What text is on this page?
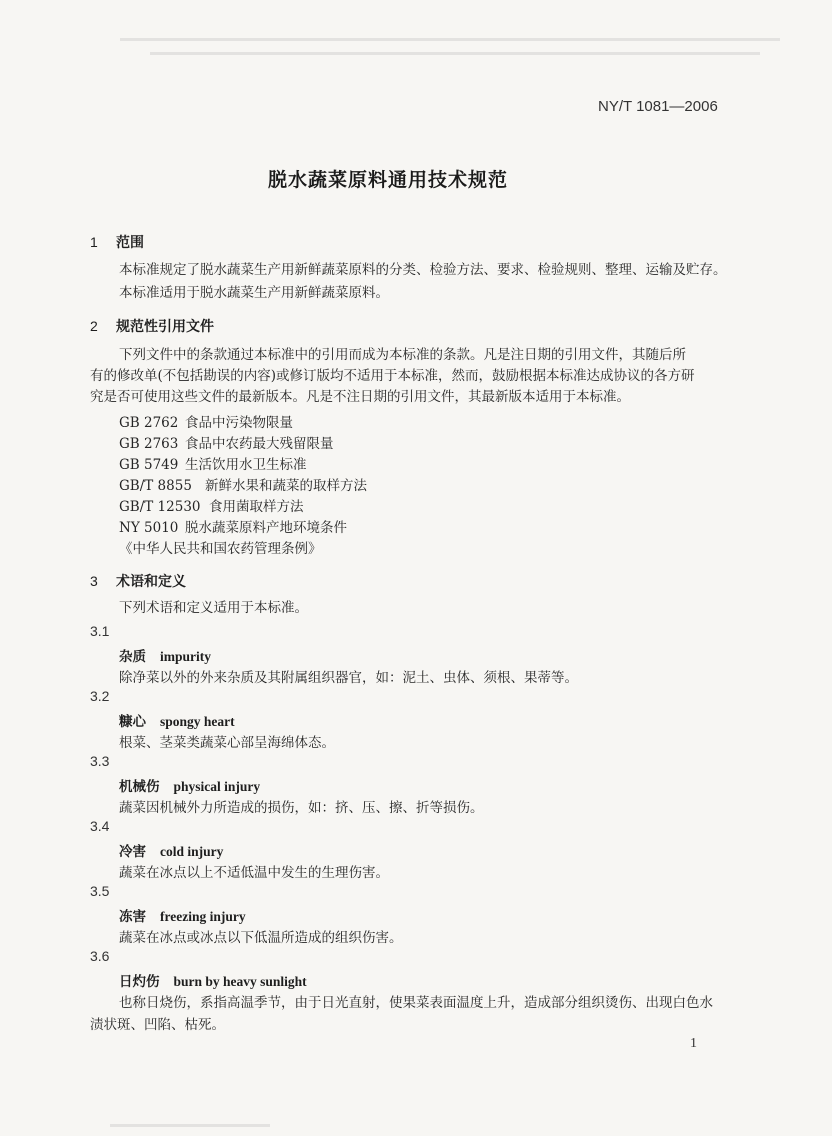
NY/T 1081—2006
脱水蔬菜原料通用技术规范
1 范围
本标准规定了脱水蔬菜生产用新鲜蔬菜原料的分类、检验方法、要求、检验规则、整理、运输及贮存。
本标准适用于脱水蔬菜生产用新鲜蔬菜原料。
2 规范性引用文件
下列文件中的条款通过本标准中的引用而成为本标准的条款。凡是注日期的引用文件，其随后所
有的修改单(不包括勘误的内容)或修订版均不适用于本标准，然而，鼓励根据本标准达成协议的各方研
究是否可使用这些文件的最新版本。凡是不注日期的引用文件，其最新版本适用于本标准。
GB 2762 食品中污染物限量
GB 2763 食品中农药最大残留限量
GB 5749 生活饮用水卫生标准
GB/T 8855 新鲜水果和蔬菜的取样方法
GB/T 12530 食用菌取样方法
NY 5010 脱水蔬菜原料产地环境条件
《中华人民共和国农药管理条例》
3 术语和定义
下列术语和定义适用于本标准。
3.1
杂质 impurity
除净菜以外的外来杂质及其附属组织器官，如：泥土、虫体、须根、果蒂等。
3.2
糠心 spongy heart
根菜、茎菜类蔬菜心部呈海绵体态。
3.3
机械伤 physical injury
蔬菜因机械外力所造成的损伤，如：挤、压、擦、折等损伤。
3.4
冷害 cold injury
蔬菜在冰点以上不适低温中发生的生理伤害。
3.5
冻害 freezing injury
蔬菜在冰点或冰点以下低温所造成的组织伤害。
3.6
日灼伤 burn by heavy sunlight
也称日烧伤，系指高温季节，由于日光直射，使果菜表面温度上升，造成部分组织烫伤、出现白色水
渍状斑、凹陷、枯死。
1
